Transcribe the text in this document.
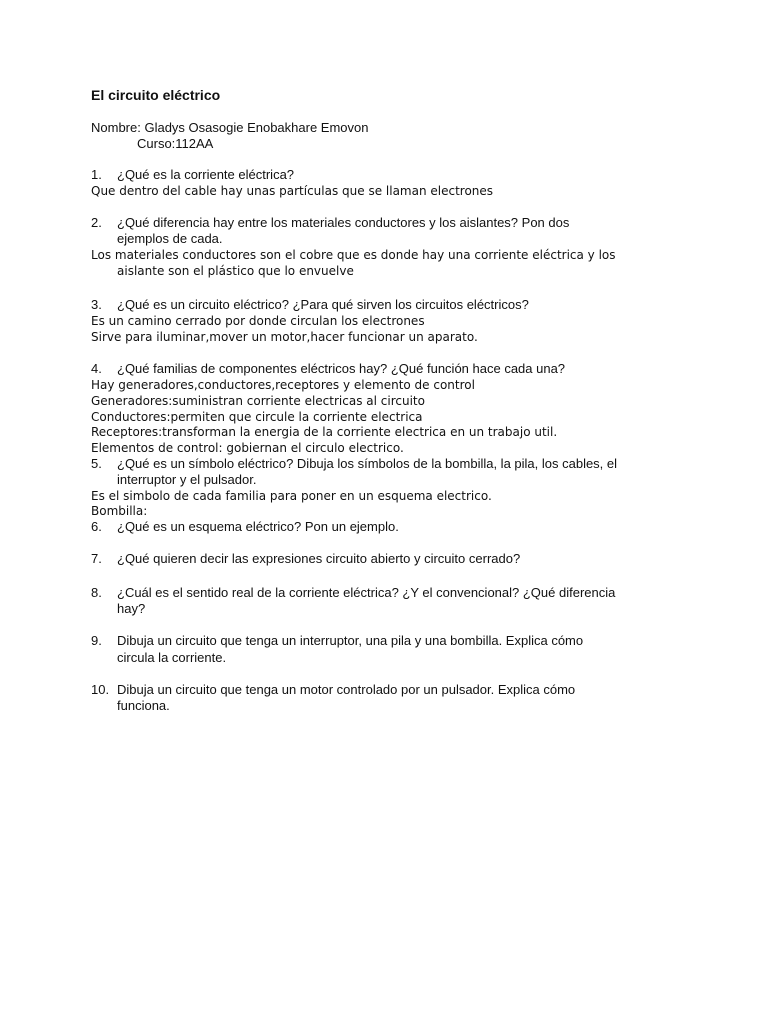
El circuito eléctrico

Nombre: Gladys Osasogie Enobakhare Emovon

Curso:112AA

1. ¿Qué es la corriente eléctrica?

Que dentro del cable hay unas partículas que se llaman electrones

2. ¿Qué diferencia hay entre los materiales conductores y los aislantes? Pon dos

ejemplos de cada.

Los materiales conductores son el cobre que es donde hay una corriente eléctrica y los

aislante son el plástico que lo envuelve

3. ¿Qué es un circuito eléctrico? ¿Para qué sirven los circuitos eléctricos?

Es un camino cerrado por donde circulan los electrones

Sirve para iluminar,mover un motor,hacer funcionar un aparato.

4. ¿Qué familias de componentes eléctricos hay? ¿Qué función hace cada una?

Hay generadores,conductores,receptores y elemento de control

Generadores:suministran corriente electricas al circuito

Conductores:permiten que circule la corriente electrica

Receptores:transforman la energia de la corriente electrica en un trabajo util.

Elementos de control: gobiernan el circulo electrico.

5. ¿Qué es un símbolo eléctrico? Dibuja los símbolos de la bombilla, la pila, los cables, el

interruptor y el pulsador.

Es el simbolo de cada familia para poner en un esquema electrico.

Bombilla:

6. ¿Qué es un esquema eléctrico? Pon un ejemplo.

7. ¿Qué quieren decir las expresiones circuito abierto y circuito cerrado?

8. ¿Cuál es el sentido real de la corriente eléctrica? ¿Y el convencional? ¿Qué diferencia

hay?

9. Dibuja un circuito que tenga un interruptor, una pila y una bombilla. Explica cómo

circula la corriente.

10. Dibuja un circuito que tenga un motor controlado por un pulsador. Explica cómo

funciona.
